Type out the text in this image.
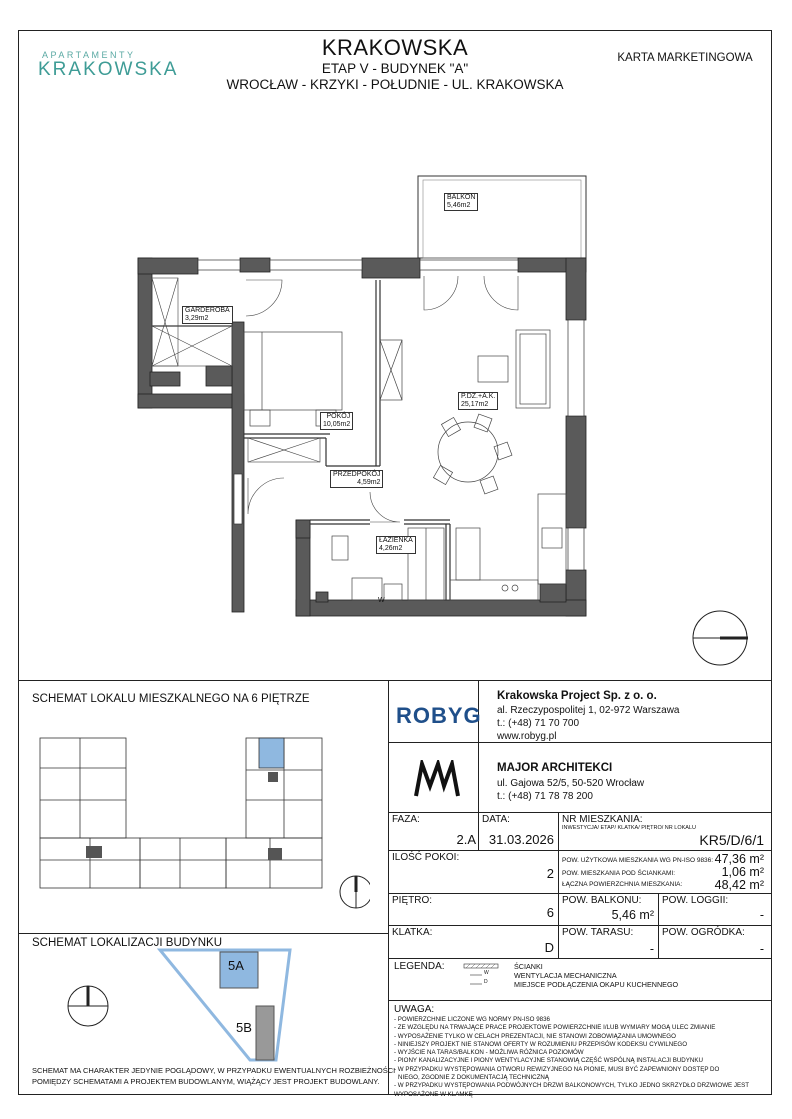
APARTAMENTY
KRAKOWSKA
KRAKOWSKA
ETAP V - BUDYNEK "A"
WROCŁAW - KRZYKI - POŁUDNIE - UL. KRAKOWSKA
KARTA MARKETINGOWA
BALKON
5,46m2
GARDEROBA
3,29m2
POKÓJ
10,05m2
P.DZ.+A.K.
25,17m2
PRZEDPOKÓJ
4,59m2
ŁAZIENKA
4,26m2
W
SCHEMAT LOKALU MIESZKALNEGO NA 6 PIĘTRZE
SCHEMAT LOKALIZACJI BUDYNKU
5A
5B
SCHEMAT MA CHARAKTER JEDYNIE POGLĄDOWY, W PRZYPADKU EWENTUALNYCH ROZBIEŻNOŚCI
POMIĘDZY SCHEMATAMI A PROJEKTEM BUDOWLANYM, WIĄŻĄCY JEST PROJEKT BUDOWLANY.
ROBYG
Krakowska Project Sp. z o. o.
al. Rzeczypospolitej 1, 02-972 Warszawa
t.: (+48) 71 70 700
www.robyg.pl
MAJOR ARCHITEKCI
ul. Gajowa 52/5, 50-520 Wrocław
t.: (+48) 71 78 78 200
FAZA:
2.A
DATA:
31.03.2026
NR MIESZKANIA:
INWESTYCJA/ ETAP/ KLATKA/ PIĘTRO/ NR LOKALU
KR5/D/6/1
ILOŚĆ POKOI:
2
POW. UŻYTKOWA MIESZKANIA WG PN-ISO 9836: 47,36 m²
POW. MIESZKANIA POD ŚCIANKAMI:	1,06 m²
ŁĄCZNA POWIERZCHNIA MIESZKANIA:	48,42 m²
PIĘTRO:
6
POW. BALKONU:
5,46 m²
POW. LOGGII:
-
KLATKA:
D
POW. TARASU:
-
POW. OGRÓDKA:
-
LEGENDA:
W
D
ŚCIANKI
WENTYLACJA MECHANICZNA
MIEJSCE PODŁĄCZENIA OKAPU KUCHENNEGO
UWAGA:
- POWIERZCHNIE LICZONE WG NORMY PN-ISO 9836
- ZE WZGLĘDU NA TRWAJĄCE PRACE PROJEKTOWE POWIERZCHNIE I/LUB WYMIARY MOGĄ ULEC ZMIANIE
- WYPOSAŻENIE TYLKO W CELACH PREZENTACJI, NIE STANOWI ZOBOWIĄZANIA UMOWNEGO
- NINIEJSZY PROJEKT NIE STANOWI OFERTY W ROZUMIENIU PRZEPISÓW KODEKSU CYWILNEGO
- WYJŚCIE NA TARAS/BALKON - MOŻLIWA RÓŻNICA POZIOMÓW
- PIONY KANALIZACYJNE I PIONY WENTYLACYJNE STANOWIĄ CZĘŚĆ WSPÓLNĄ INSTALACJI BUDYNKU
- W PRZYPADKU WYSTĘPOWANIA OTWORU REWIZYJNEGO NA PIONIE, MUSI BYĆ ZAPEWNIONY DOSTĘP DO
NIEGO, ZGODNIE Z DOKUMENTACJĄ TECHNICZNĄ
- W PRZYPADKU WYSTĘPOWANIA PODWÓJNYCH DRZWI BALKONOWYCH, TYLKO JEDNO SKRZYDŁO DRZWIOWE JEST
WYPOSAŻONE W KLAMKĘ
